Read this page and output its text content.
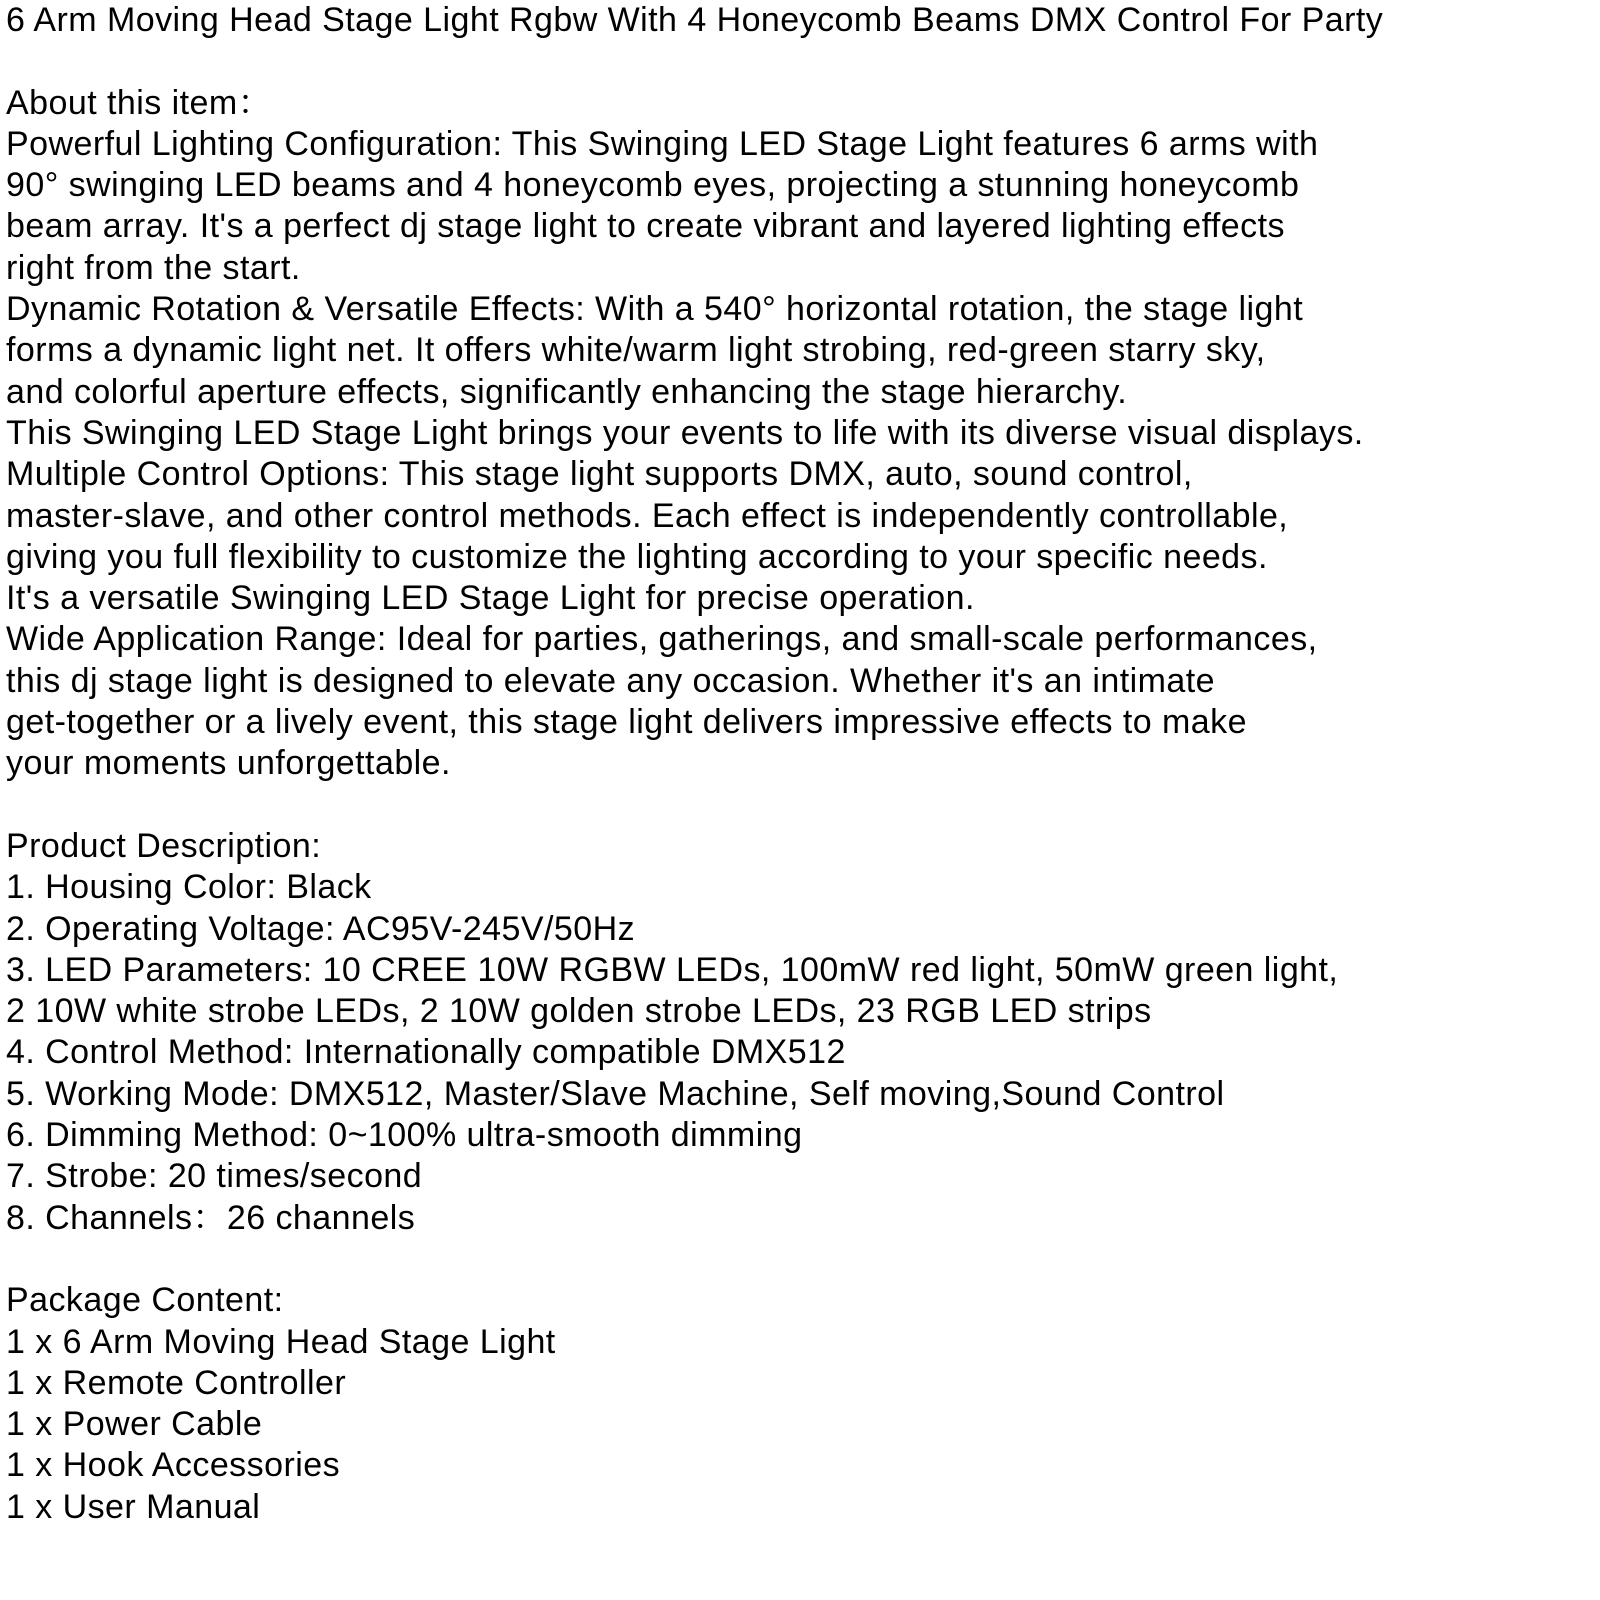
6 Arm Moving Head Stage Light Rgbw With 4 Honeycomb Beams DMX Control For Party
About this item：
Powerful Lighting Configuration: This Swinging LED Stage Light features 6 arms with
90° swinging LED beams and 4 honeycomb eyes, projecting a stunning honeycomb
beam array. It's a perfect dj stage light to create vibrant and layered lighting effects
right from the start.
Dynamic Rotation & Versatile Effects: With a 540° horizontal rotation, the stage light
forms a dynamic light net. It offers white/warm light strobing, red-green starry sky,
and colorful aperture effects, significantly enhancing the stage hierarchy.
This Swinging LED Stage Light brings your events to life with its diverse visual displays.
Multiple Control Options: This stage light supports DMX, auto, sound control,
master-slave, and other control methods. Each effect is independently controllable,
giving you full flexibility to customize the lighting according to your specific needs.
It's a versatile Swinging LED Stage Light for precise operation.
Wide Application Range: Ideal for parties, gatherings, and small-scale performances,
this dj stage light is designed to elevate any occasion. Whether it's an intimate
get-together or a lively event, this stage light delivers impressive effects to make
your moments unforgettable.
Product Description:
1. Housing Color: Black
2. Operating Voltage: AC95V-245V/50Hz
3. LED Parameters: 10 CREE 10W RGBW LEDs, 100mW red light, 50mW green light,
2 10W white strobe LEDs, 2 10W golden strobe LEDs, 23 RGB LED strips
4. Control Method: Internationally compatible DMX512
5. Working Mode: DMX512, Master/Slave Machine, Self moving,Sound Control
6. Dimming Method: 0~100% ultra-smooth dimming
7. Strobe: 20 times/second
8. Channels：26 channels
Package Content:
1 x 6 Arm Moving Head Stage Light
1 x Remote Controller
1 x Power Cable
1 x Hook Accessories
1 x User Manual
